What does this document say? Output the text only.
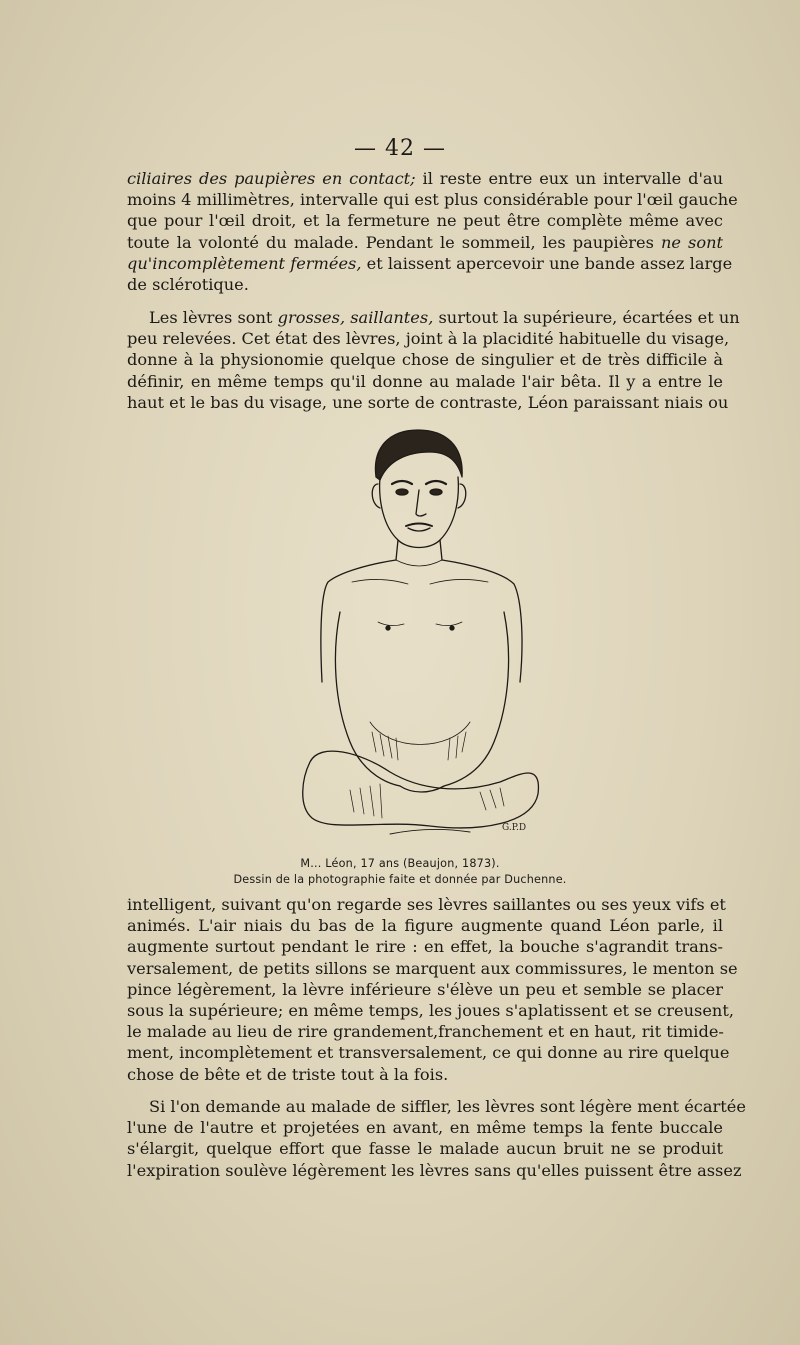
— 42 —

ciliaires des paupières en contact; il reste entre eux un intervalle d'au
moins 4 millimètres, intervalle qui est plus considérable pour l'œil gauche
que pour l'œil droit, et la fermeture ne peut être complète même avec
toute la volonté du malade. Pendant le sommeil, les paupières ne sont
qu'incomplètement fermées, et laissent apercevoir une bande assez large
de sclérotique.

Les lèvres sont grosses, saillantes, surtout la supérieure, écartées et un
peu relevées. Cet état des lèvres, joint à la placidité habituelle du visage,
donne à la physionomie quelque chose de singulier et de très difficile à
définir, en même temps qu'il donne au malade l'air bêta. Il y a entre le
haut et le bas du visage, une sorte de contraste, Léon paraissant niais ou

G.P.D
M... Léon, 17 ans (Beaujon, 1873).
Dessin de la photographie faite et donnée par Duchenne.

intelligent, suivant qu'on regarde ses lèvres saillantes ou ses yeux vifs et
animés. L'air niais du bas de la figure augmente quand Léon parle, il
augmente surtout pendant le rire : en effet, la bouche s'agrandit trans-
versalement, de petits sillons se marquent aux commissures, le menton se
pince légèrement, la lèvre inférieure s'élève un peu et semble se placer
sous la supérieure; en même temps, les joues s'aplatissent et se creusent,
le malade au lieu de rire grandement,franchement et en haut, rit timide-
ment, incomplètement et transversalement, ce qui donne au rire quelque
chose de bête et de triste tout à la fois.

Si l'on demande au malade de siffler, les lèvres sont légère ment écartée
l'une de l'autre et projetées en avant, en même temps la fente buccale
s'élargit, quelque effort que fasse le malade aucun bruit ne se produit
l'expiration soulève légèrement les lèvres sans qu'elles puissent être assez
